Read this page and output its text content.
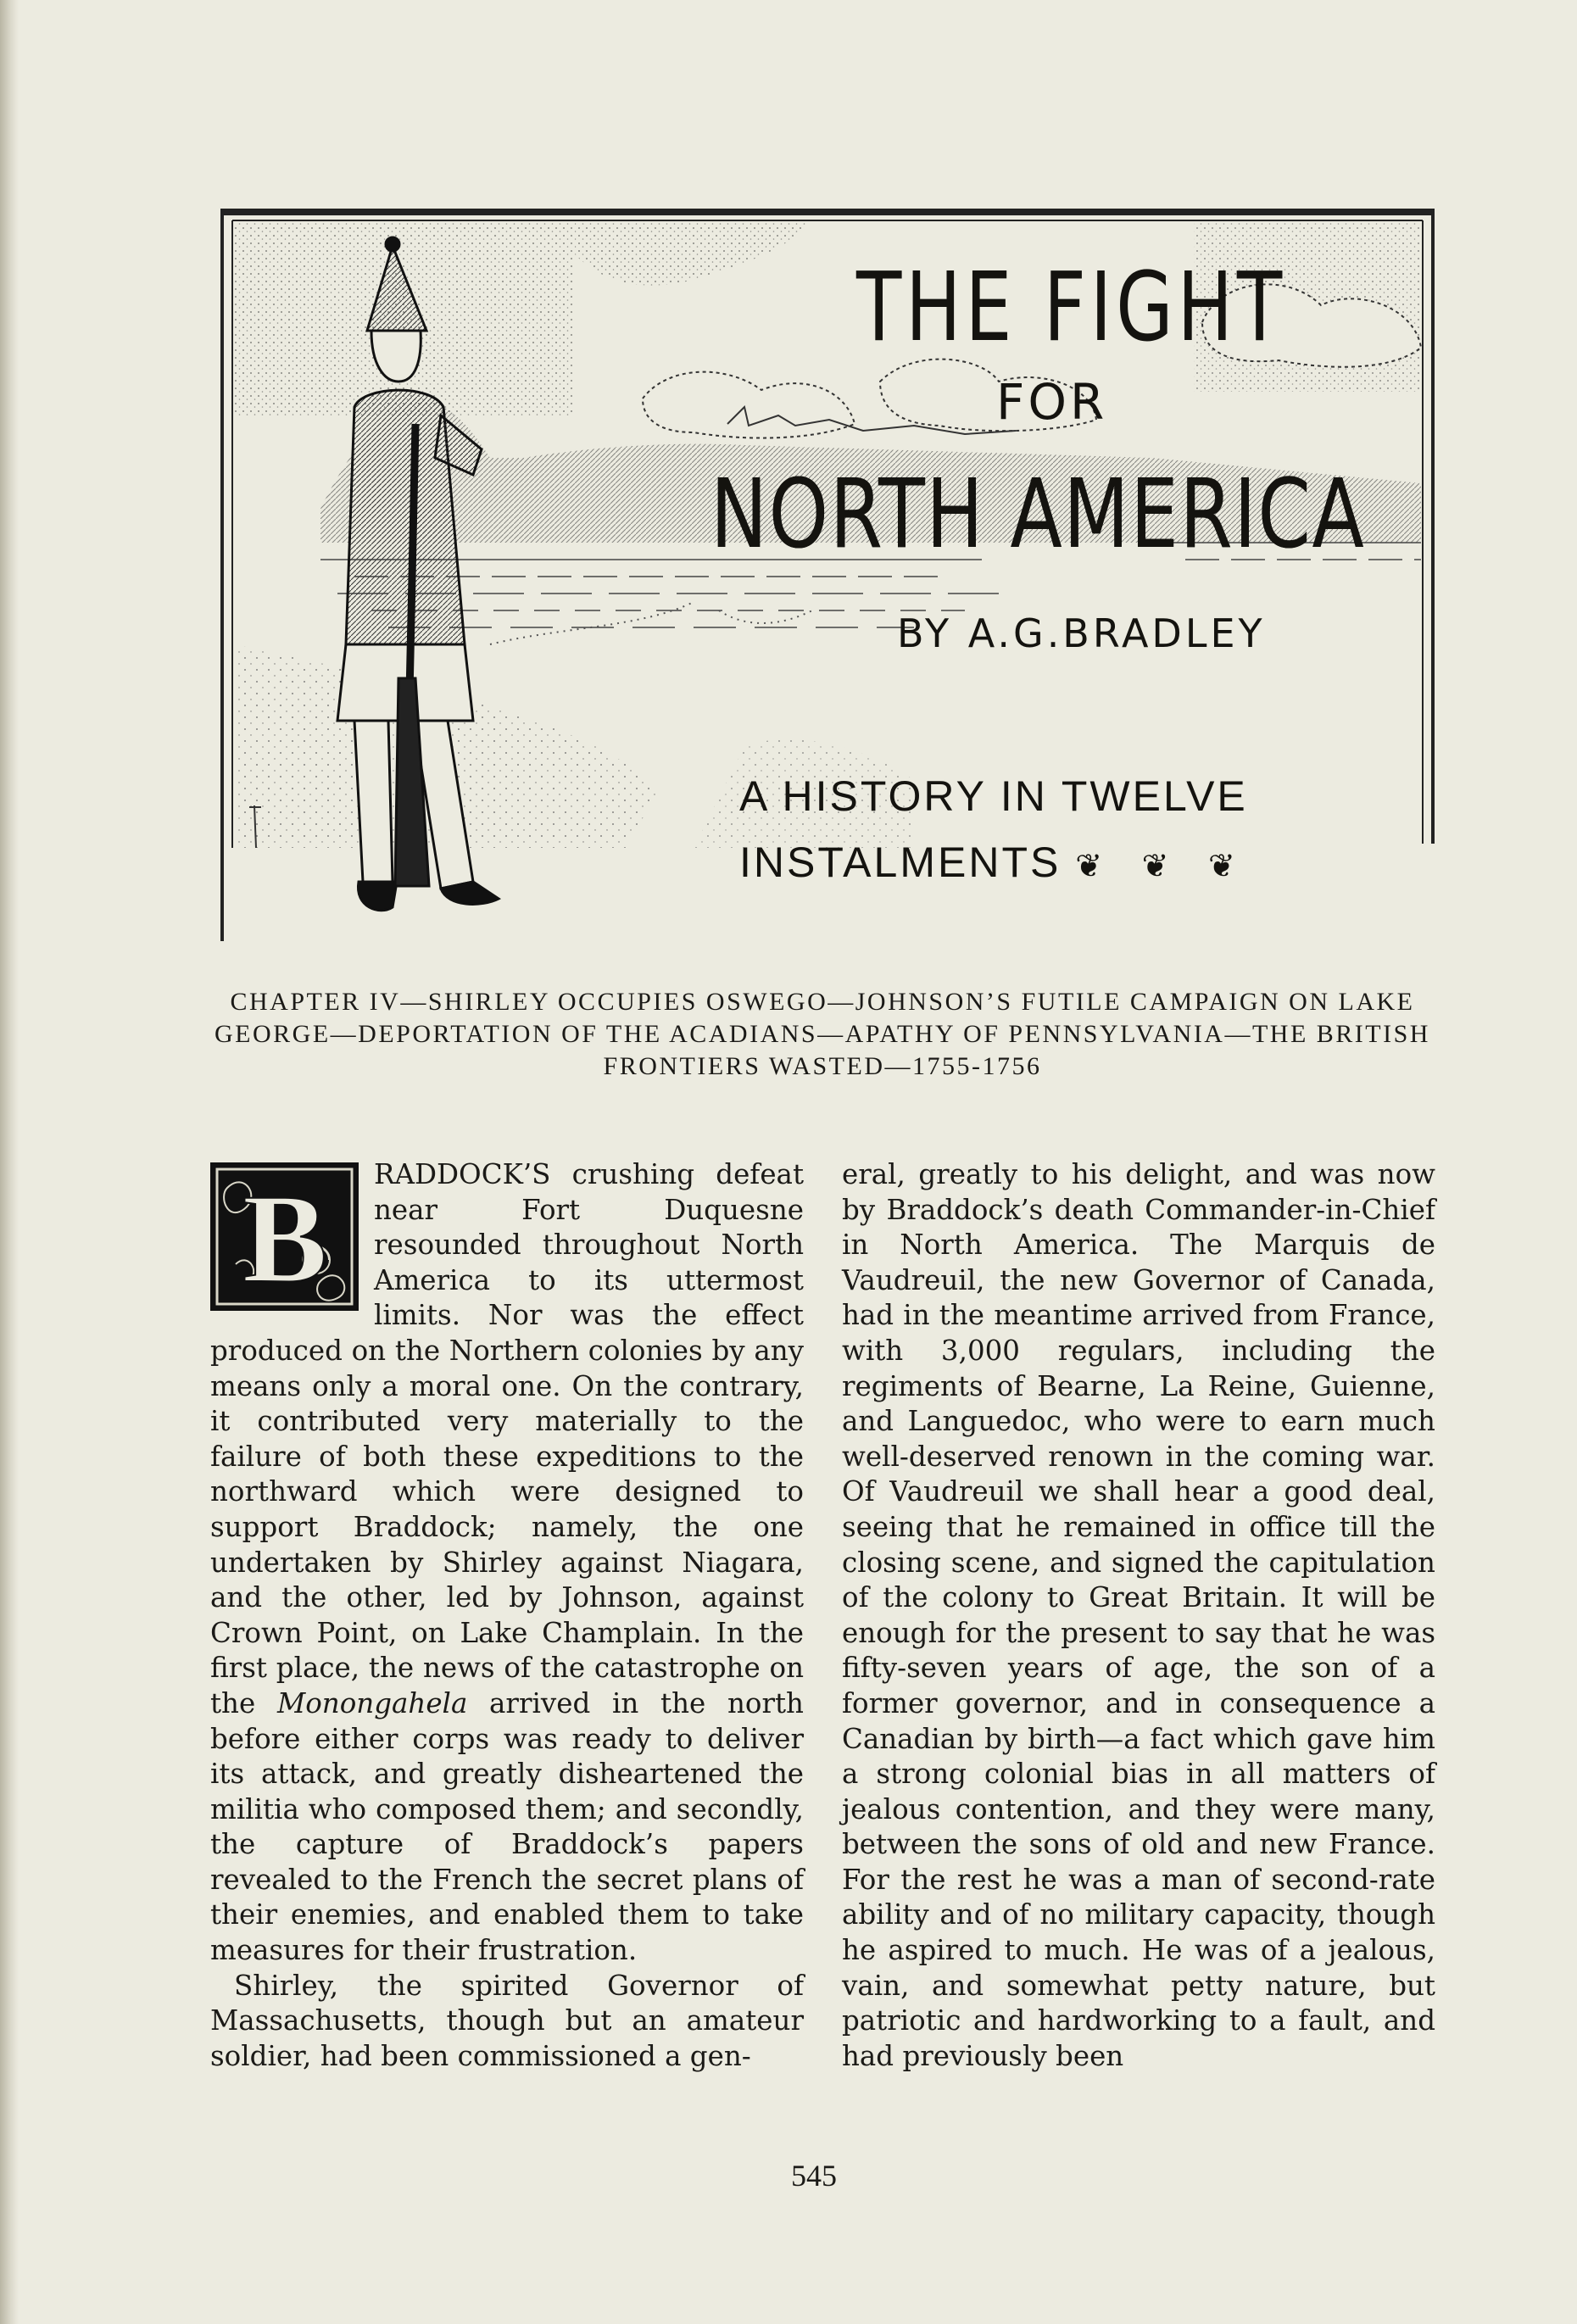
THE FIGHT
FOR
NORTH AMERICA
BY A.G.BRADLEY
A HISTORY IN TWELVE
INSTALMENTS ❦ ❦ ❦
CHAPTER IV—SHIRLEY OCCUPIES OSWEGO—JOHNSON’S FUTILE CAMPAIGN ON LAKE GEORGE—DEPORTATION OF THE ACADIANS—APATHY OF PENNSYLVANIA—THE BRITISH FRONTIERS WASTED—1755-1756

B RADDOCK’S crushing defeat near Fort Duquesne resounded throughout North America to its uttermost limits. Nor was the effect produced on the Northern colonies by any means only a moral one. On the contrary, it contributed very materially to the failure of both these expeditions to the northward which were designed to support Braddock; namely, the one undertaken by Shirley against Niagara, and the other, led by Johnson, against Crown Point, on Lake Champlain. In the first place, the news of the catastrophe on the Monongahela arrived in the north before either corps was ready to deliver its attack, and greatly disheartened the militia who composed them; and secondly, the capture of Braddock’s papers revealed to the French the secret plans of their enemies, and enabled them to take measures for their frustration.

Shirley, the spirited Governor of Massachusetts, though but an amateur soldier, had been commissioned a gen-

eral, greatly to his delight, and was now by Braddock’s death Commander-in-Chief in North America. The Marquis de Vaudreuil, the new Governor of Canada, had in the meantime arrived from France, with 3,000 regulars, including the regiments of Bearne, La Reine, Guienne, and Languedoc, who were to earn much well-deserved renown in the coming war. Of Vaudreuil we shall hear a good deal, seeing that he remained in office till the closing scene, and signed the capitulation of the colony to Great Britain. It will be enough for the present to say that he was fifty-seven years of age, the son of a former governor, and in consequence a Canadian by birth—a fact which gave him a strong colonial bias in all matters of jealous contention, and they were many, between the sons of old and new France. For the rest he was a man of second-rate ability and of no military capacity, though he aspired to much. He was of a jealous, vain, and somewhat petty nature, but patriotic and hardworking to a fault, and had previously been

545
